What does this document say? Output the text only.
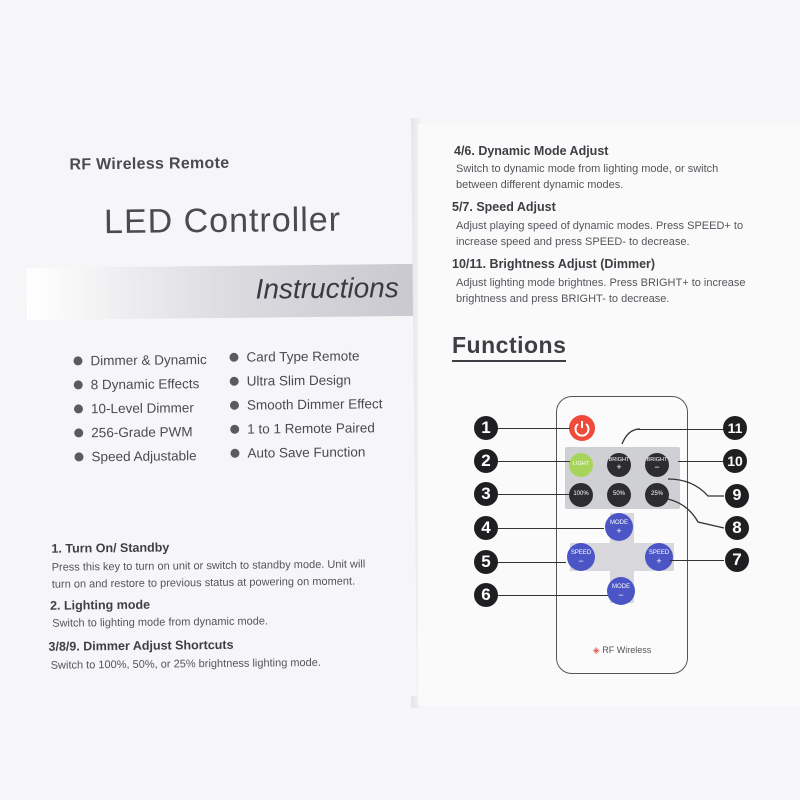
RF Wireless Remote
LED Controller
Instructions
Dimmer & Dynamic
8 Dynamic Effects
10-Level Dimmer
256-Grade PWM
Speed Adjustable
Card Type Remote
Ultra Slim Design
Smooth Dimmer Effect
1 to 1 Remote Paired
Auto Save Function
1. Turn On/ Standby
Press this key to turn on unit or switch to standby mode. Unit will
turn on and restore to previous status at powering on moment.
2. Lighting mode
Switch to lighting mode from dynamic mode.
3/8/9. Dimmer Adjust Shortcuts
Switch to 100%, 50%, or 25% brightness lighting mode.
4/6. Dynamic Mode Adjust
Switch to dynamic mode from lighting mode, or switch
between different dynamic modes.
5/7. Speed Adjust
Adjust playing speed of dynamic modes. Press SPEED+ to
increase speed and press SPEED- to decrease.
10/11. Brightness Adjust (Dimmer)
Adjust lighting mode brightnes. Press BRIGHT+ to increase
brightness and press BRIGHT- to decrease.
Functions
LIGHT
BRIGHT
+
BRIGHT
−
100%	50%	25%
MODE
+
SPEED
−
SPEED
+
MODE
−
◈ RF Wireless
1
2
3
4
5
6
7
8
9
10
11
